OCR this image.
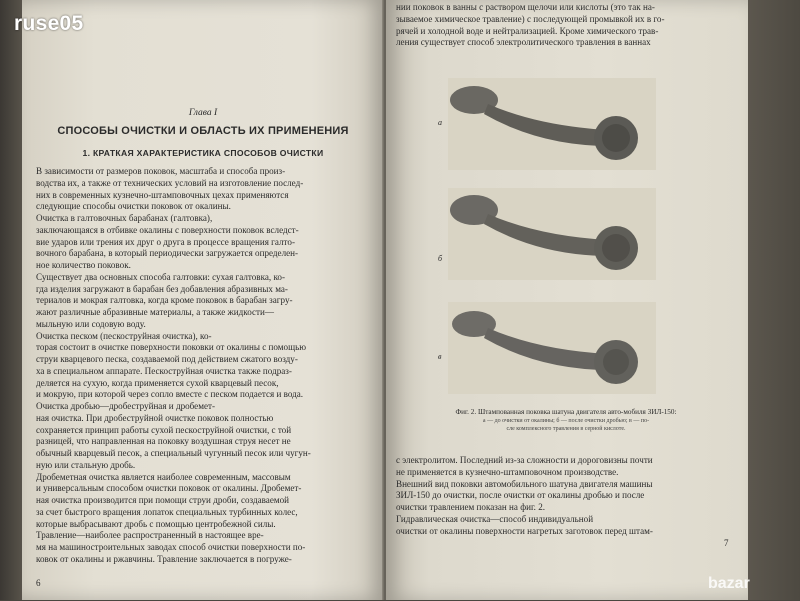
Глава I
СПОСОБЫ ОЧИСТКИ И ОБЛАСТЬ ИХ ПРИМЕНЕНИЯ
1. КРАТКАЯ ХАРАКТЕРИСТИКА СПОСОБОВ ОЧИСТКИ
В зависимости от размеров поковок, масштаба и способа произ-
водства их, а также от технических условий на изготовление послед-
них в современных кузнечно-штамповочных цехах применяются
следующие способы очистки поковок от окалины.
Очистка в галтовочных барабанах (галтовка),
заключающаяся в отбивке окалины с поверхности поковок вследст-
вие ударов или трения их друг о друга в процессе вращения галто-
вочного барабана, в который периодически загружается определен-
ное количество поковок.
Существует два основных способа галтовки: сухая галтовка, ко-
гда изделия загружают в барабан без добавления абразивных ма-
териалов и мокрая галтовка, когда кроме поковок в барабан загру-
жают различные абразивные материалы, а также жидкости—
мыльную или содовую воду.
Очистка песком (пескоструйная очистка), ко-
торая состоит в очистке поверхности поковки от окалины с помощью
струи кварцевого песка, создаваемой под действием сжатого возду-
ха в специальном аппарате. Пескоструйная очистка также подраз-
деляется на сухую, когда применяется сухой кварцевый песок,
и мокрую, при которой через сопло вместе с песком подается и вода.
Очистка дробью—дробеструйная и дробемет-
ная очистка. При дробеструйной очистке поковок полностью
сохраняется принцип работы сухой пескоструйной очистки, с той
разницей, что направленная на поковку воздушная струя несет не
обычный кварцевый песок, а специальный чугунный песок или чугун-
ную или стальную дробь.
Дробеметная очистка является наиболее современным, массовым
и универсальным способом очистки поковок от окалины. Дробемет-
ная очистка производится при помощи струи дроби, создаваемой
за счет быстрого вращения лопаток специальных турбинных колес,
которые выбрасывают дробь с помощью центробежной силы.
Травление—наиболее распространенный в настоящее вре-
мя на машиностроительных заводах способ очистки поверхности по-
ковок от окалины и ржавчины. Травление заключается в погруже-
6
нии поковок в ванны с раствором щелочи или кислоты (это так на-
зываемое химическое травление) с последующей промывкой их в го-
рячей и холодной воде и нейтрализацией. Кроме химического трав-
ления существует способ электролитического травления в ваннах
а
б
в
Фиг. 2. Штампованная поковка шатуна двигателя авто-мобиля ЗИЛ-150:
а — до очистки от окалины; б — после очистки дробью; в — по-
сле комплексного травления в серной кислоте.
с электролитом. Последний из-за сложности и дороговизны почти
не применяется в кузнечно-штамповочном производстве.
Внешний вид поковки автомобильного шатуна двигателя машины
ЗИЛ-150 до очистки, после очистки от окалины дробью и после
очистки травлением показан на фиг. 2.
Гидравлическая очистка—способ индивидуальной
очистки от окалины поверхности нагретых заготовок перед штам-
7
ruse05
bazar
